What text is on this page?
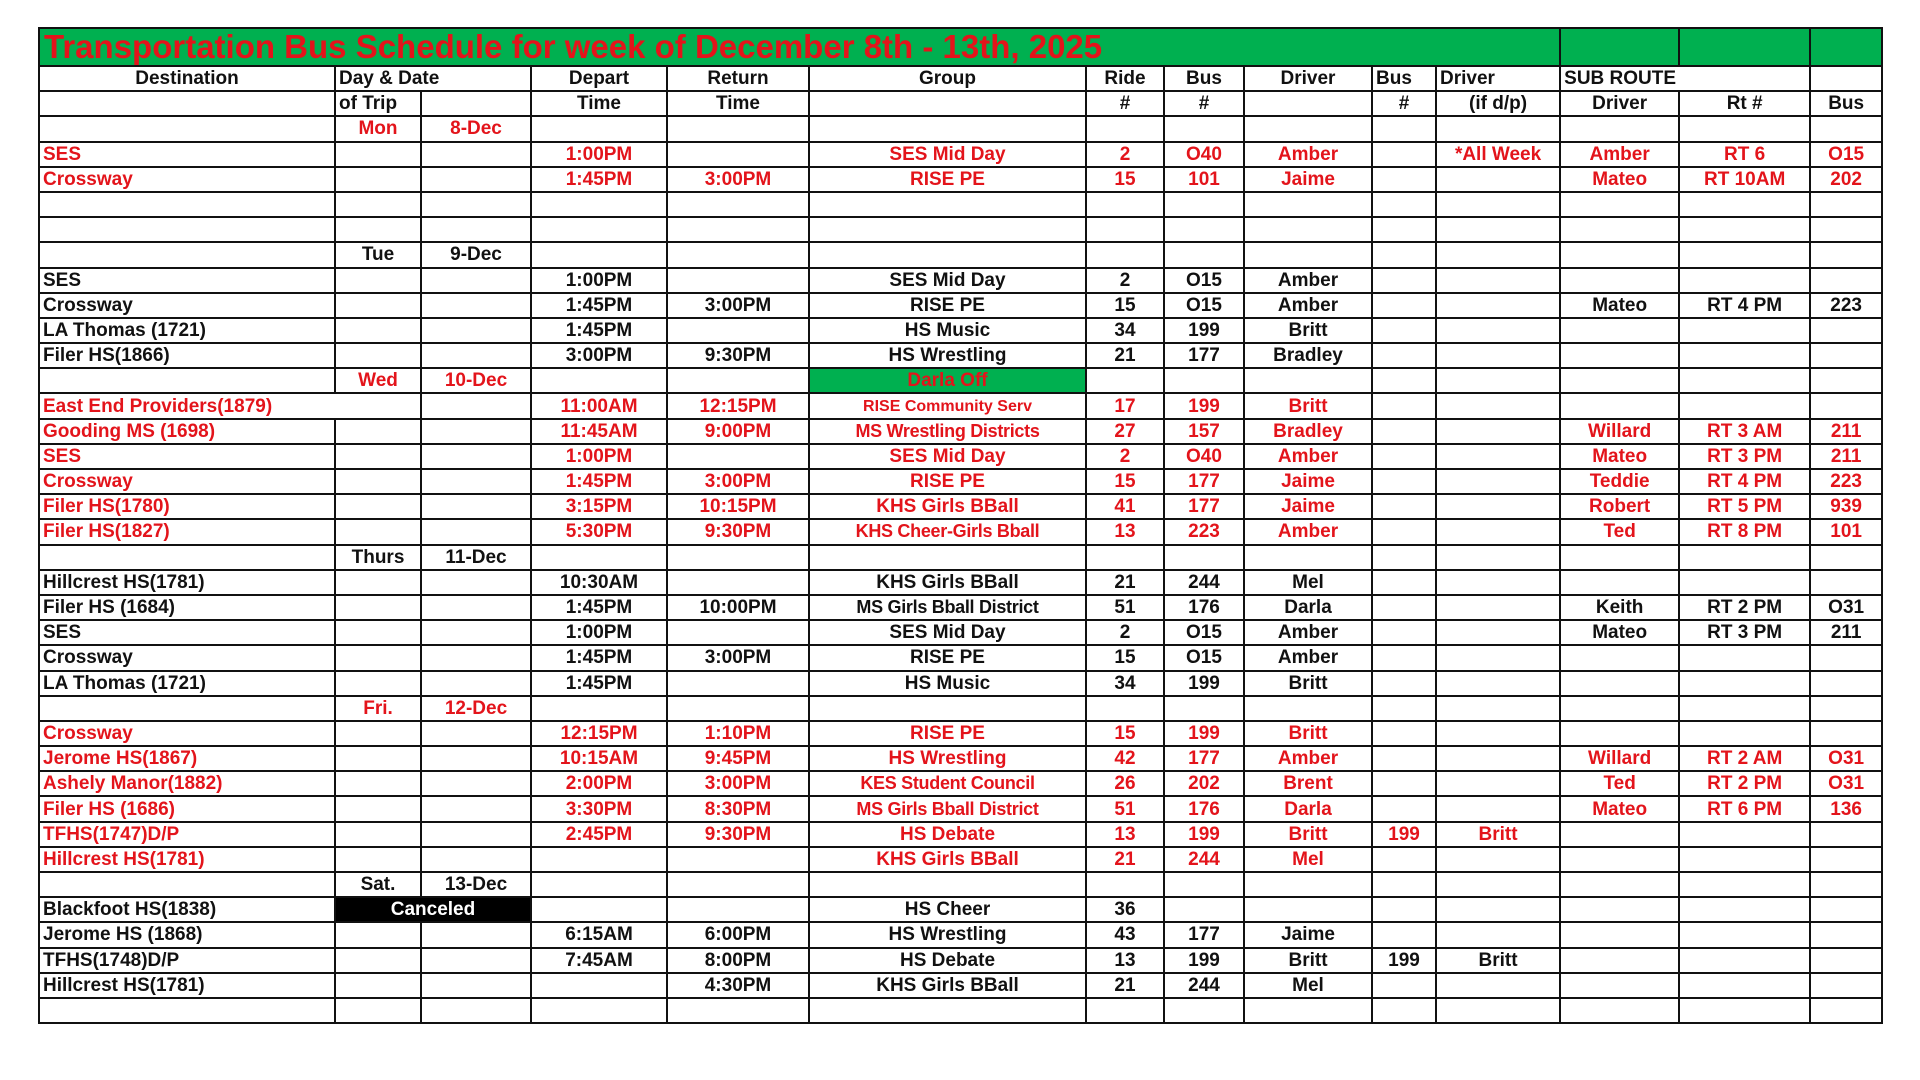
Transportation Bus Schedule for week of December 8th - 13th, 2025													
Destination	Day & Date		Depart	Return	Group	Ride	Bus	Driver	Bus	Driver	SUB ROUTE		
	of Trip		Time	Time		#	#		#	(if d/p)	Driver	Rt #	Bus
	Mon	8-Dec											
SES			1:00PM		SES Mid Day	2	O40	Amber		*All Week	Amber	RT 6	O15
Crossway			1:45PM	3:00PM	RISE PE	15	101	Jaime			Mateo	RT 10AM	202

	Tue	9-Dec											
SES			1:00PM		SES Mid Day	2	O15	Amber					
Crossway			1:45PM	3:00PM	RISE PE	15	O15	Amber			Mateo	RT 4 PM	223
LA Thomas (1721)			1:45PM		HS Music	34	199	Britt					
Filer HS(1866)			3:00PM	9:30PM	HS Wrestling	21	177	Bradley					
	Wed	10-Dec			Darla Off								
East End Providers(1879)			11:00AM	12:15PM	RISE Community Serv	17	199	Britt					
Gooding MS (1698)			11:45AM	9:00PM	MS Wrestling Districts	27	157	Bradley			Willard	RT 3 AM	211
SES			1:00PM		SES Mid Day	2	O40	Amber			Mateo	RT 3 PM	211
Crossway			1:45PM	3:00PM	RISE PE	15	177	Jaime			Teddie	RT 4 PM	223
Filer HS(1780)			3:15PM	10:15PM	KHS Girls BBall	41	177	Jaime			Robert	RT 5 PM	939
Filer HS(1827)			5:30PM	9:30PM	KHS Cheer-Girls Bball	13	223	Amber			Ted	RT 8 PM	101
	Thurs	11-Dec											
Hillcrest HS(1781)			10:30AM		KHS Girls BBall	21	244	Mel					
Filer HS (1684)			1:45PM	10:00PM	MS Girls Bball District	51	176	Darla			Keith	RT 2 PM	O31
SES			1:00PM		SES Mid Day	2	O15	Amber			Mateo	RT 3 PM	211
Crossway			1:45PM	3:00PM	RISE PE	15	O15	Amber					
LA Thomas (1721)			1:45PM		HS Music	34	199	Britt					
	Fri.	12-Dec											
Crossway			12:15PM	1:10PM	RISE PE	15	199	Britt					
Jerome HS(1867)			10:15AM	9:45PM	HS Wrestling	42	177	Amber			Willard	RT 2 AM	O31
Ashely Manor(1882)			2:00PM	3:00PM	KES Student Council	26	202	Brent			Ted	RT 2 PM	O31
Filer HS (1686)			3:30PM	8:30PM	MS Girls Bball District	51	176	Darla			Mateo	RT 6 PM	136
TFHS(1747)D/P			2:45PM	9:30PM	HS Debate	13	199	Britt	199	Britt			
Hillcrest HS(1781)					KHS Girls BBall	21	244	Mel					
	Sat.	13-Dec											
Blackfoot HS(1838)	Canceled				HS Cheer	36							
Jerome HS (1868)			6:15AM	6:00PM	HS Wrestling	43	177	Jaime					
TFHS(1748)D/P			7:45AM	8:00PM	HS Debate	13	199	Britt	199	Britt			
Hillcrest HS(1781)				4:30PM	KHS Girls BBall	21	244	Mel					
